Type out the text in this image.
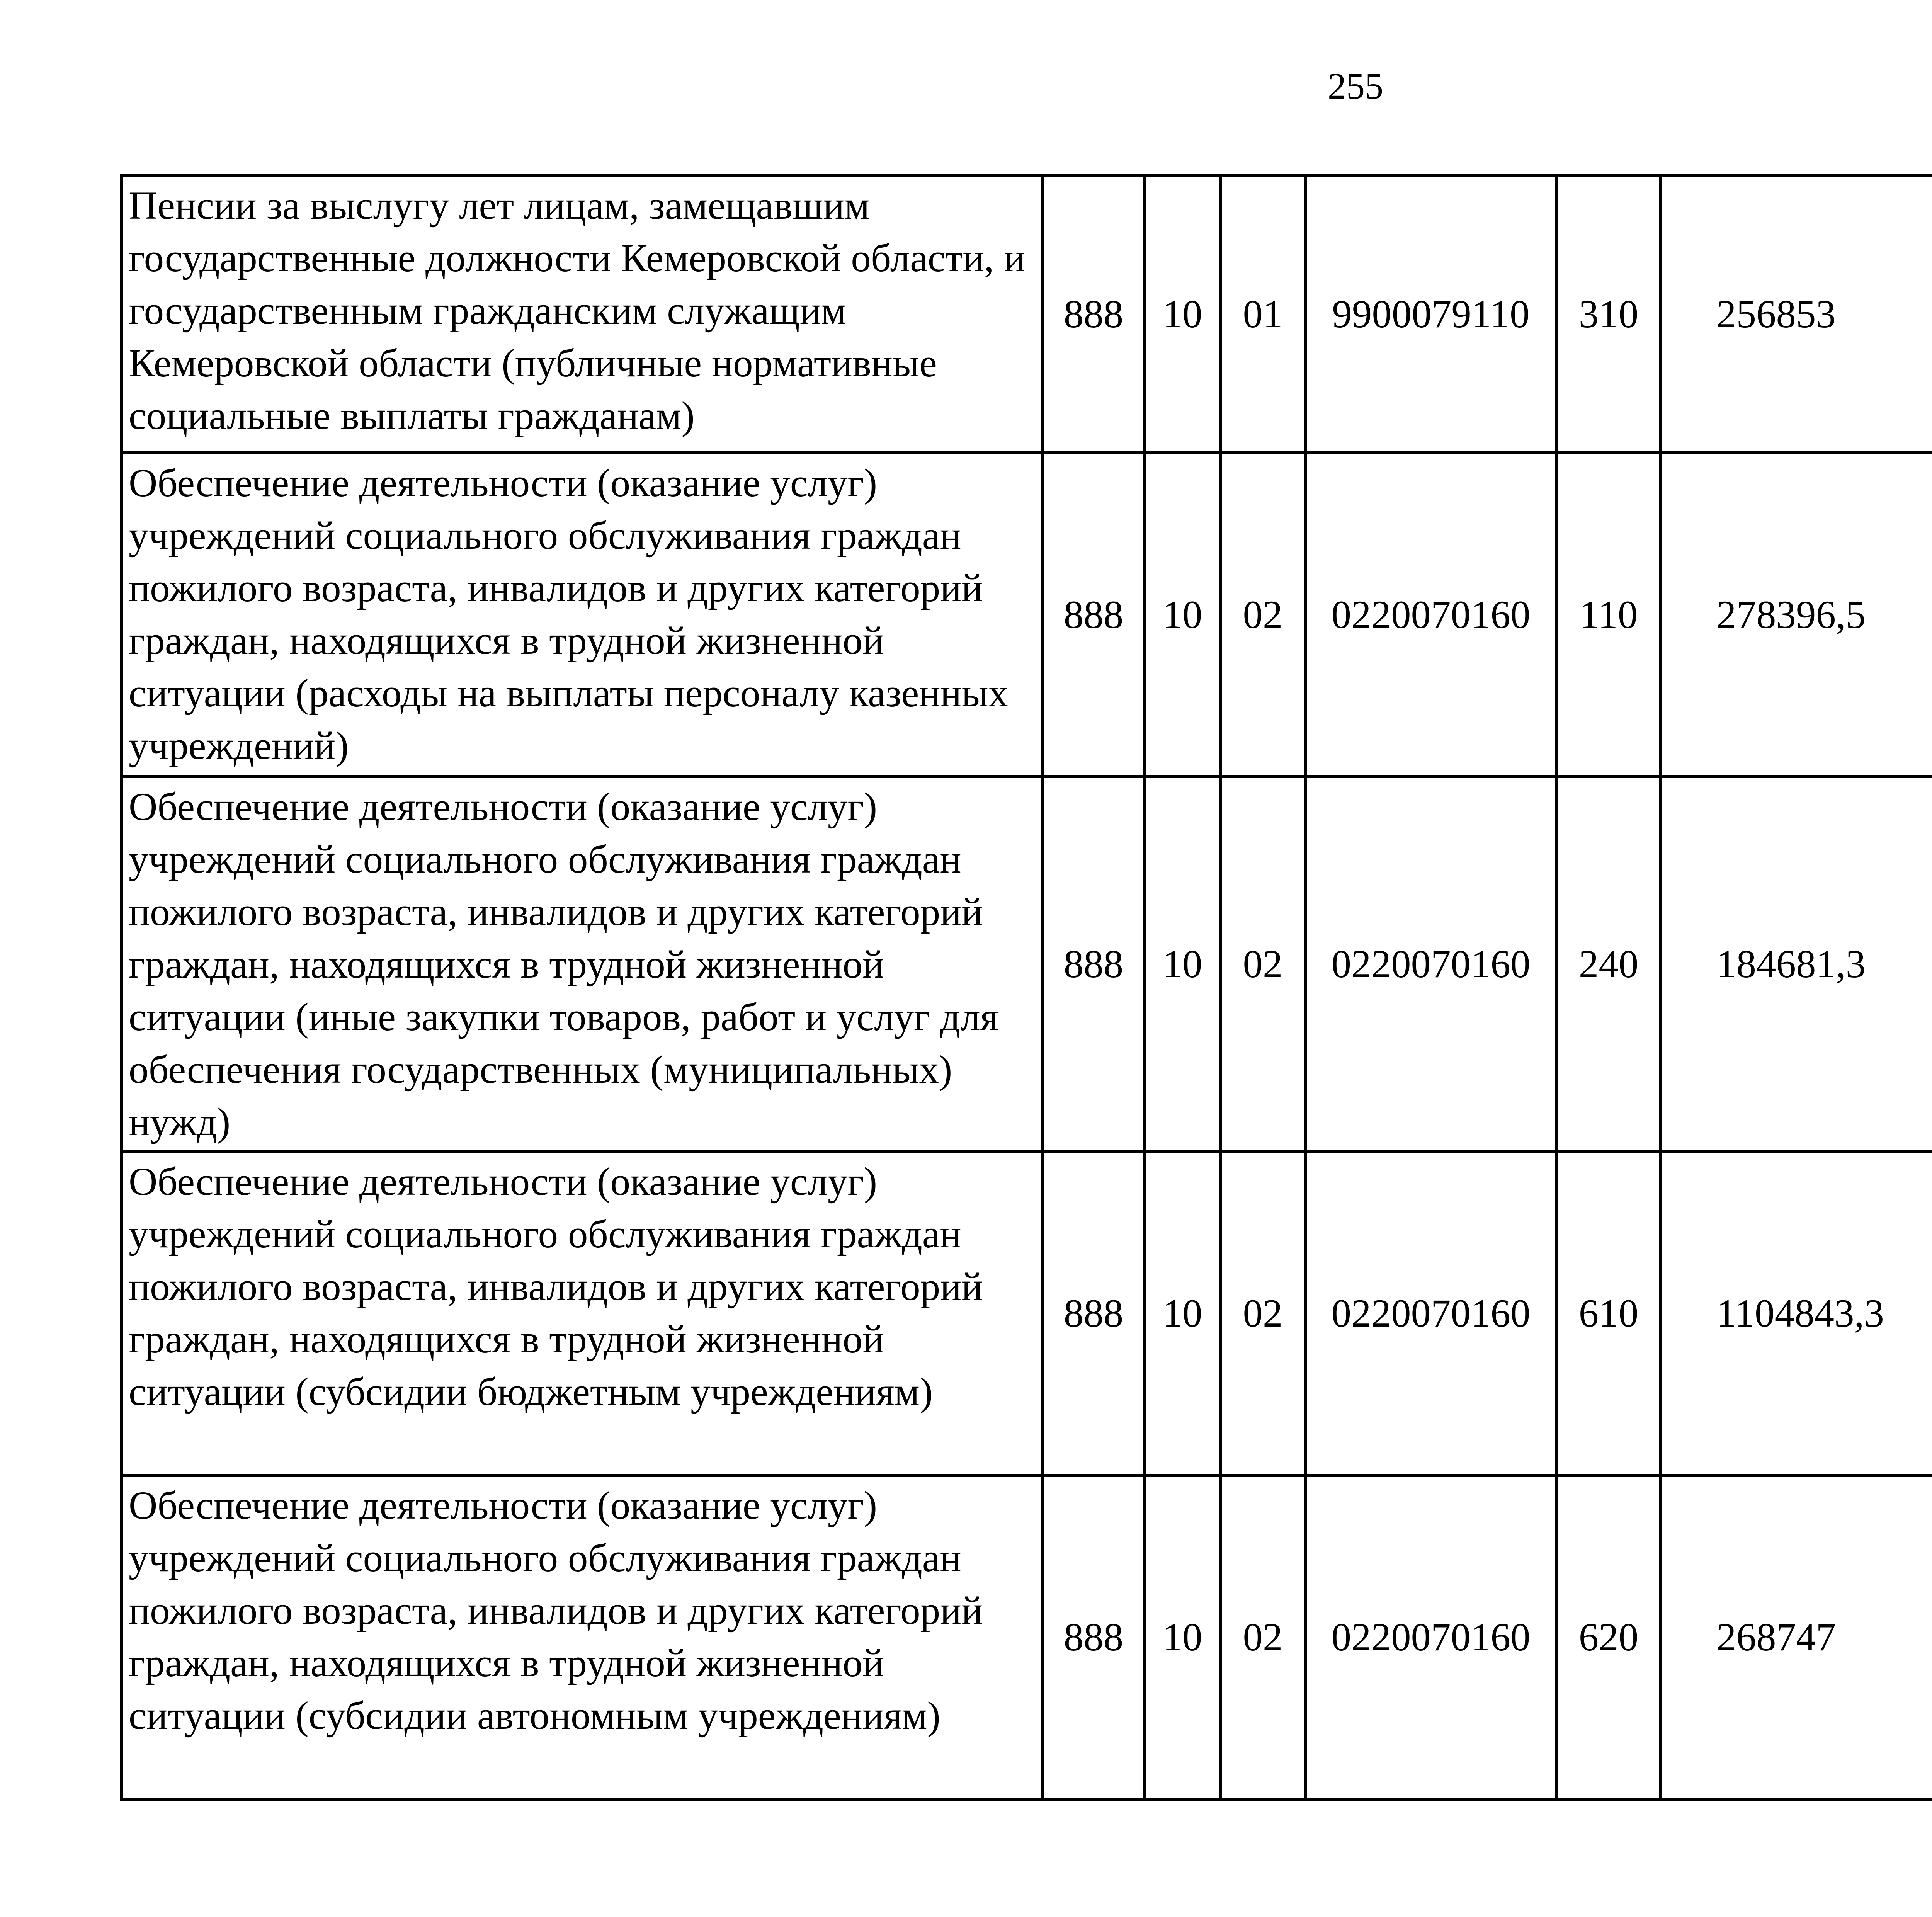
255
Пенсии за выслугу лет лицам, замещавшим государственные должности Кемеровской области, и государственным гражданским служащим Кемеровской области (публичные нормативные социальные выплаты гражданам)	888	10	01	9900079110	310	256853		
Обеспечение деятельности (оказание услуг) учреждений социального обслуживания граждан пожилого возраста, инвалидов и других категорий граждан, находящихся в трудной жизненной ситуации (расходы на выплаты персоналу казенных учреждений)	888	10	02	0220070160	110	278396,5		
Обеспечение деятельности (оказание услуг) учреждений социального обслуживания граждан пожилого возраста, инвалидов и других категорий граждан, находящихся в трудной жизненной ситуации (иные закупки товаров, работ и услуг для обеспечения государственных (муниципальных) нужд)	888	10	02	0220070160	240	184681,3		
Обеспечение деятельности (оказание услуг) учреждений социального обслуживания граждан пожилого возраста, инвалидов и других категорий граждан, находящихся в трудной жизненной ситуации (субсидии бюджетным учреждениям)	888	10	02	0220070160	610	1104843,3		
Обеспечение деятельности (оказание услуг) учреждений социального обслуживания граждан пожилого возраста, инвалидов и других категорий граждан, находящихся в трудной жизненной ситуации (субсидии автономным учреждениям)	888	10	02	0220070160	620	268747		
